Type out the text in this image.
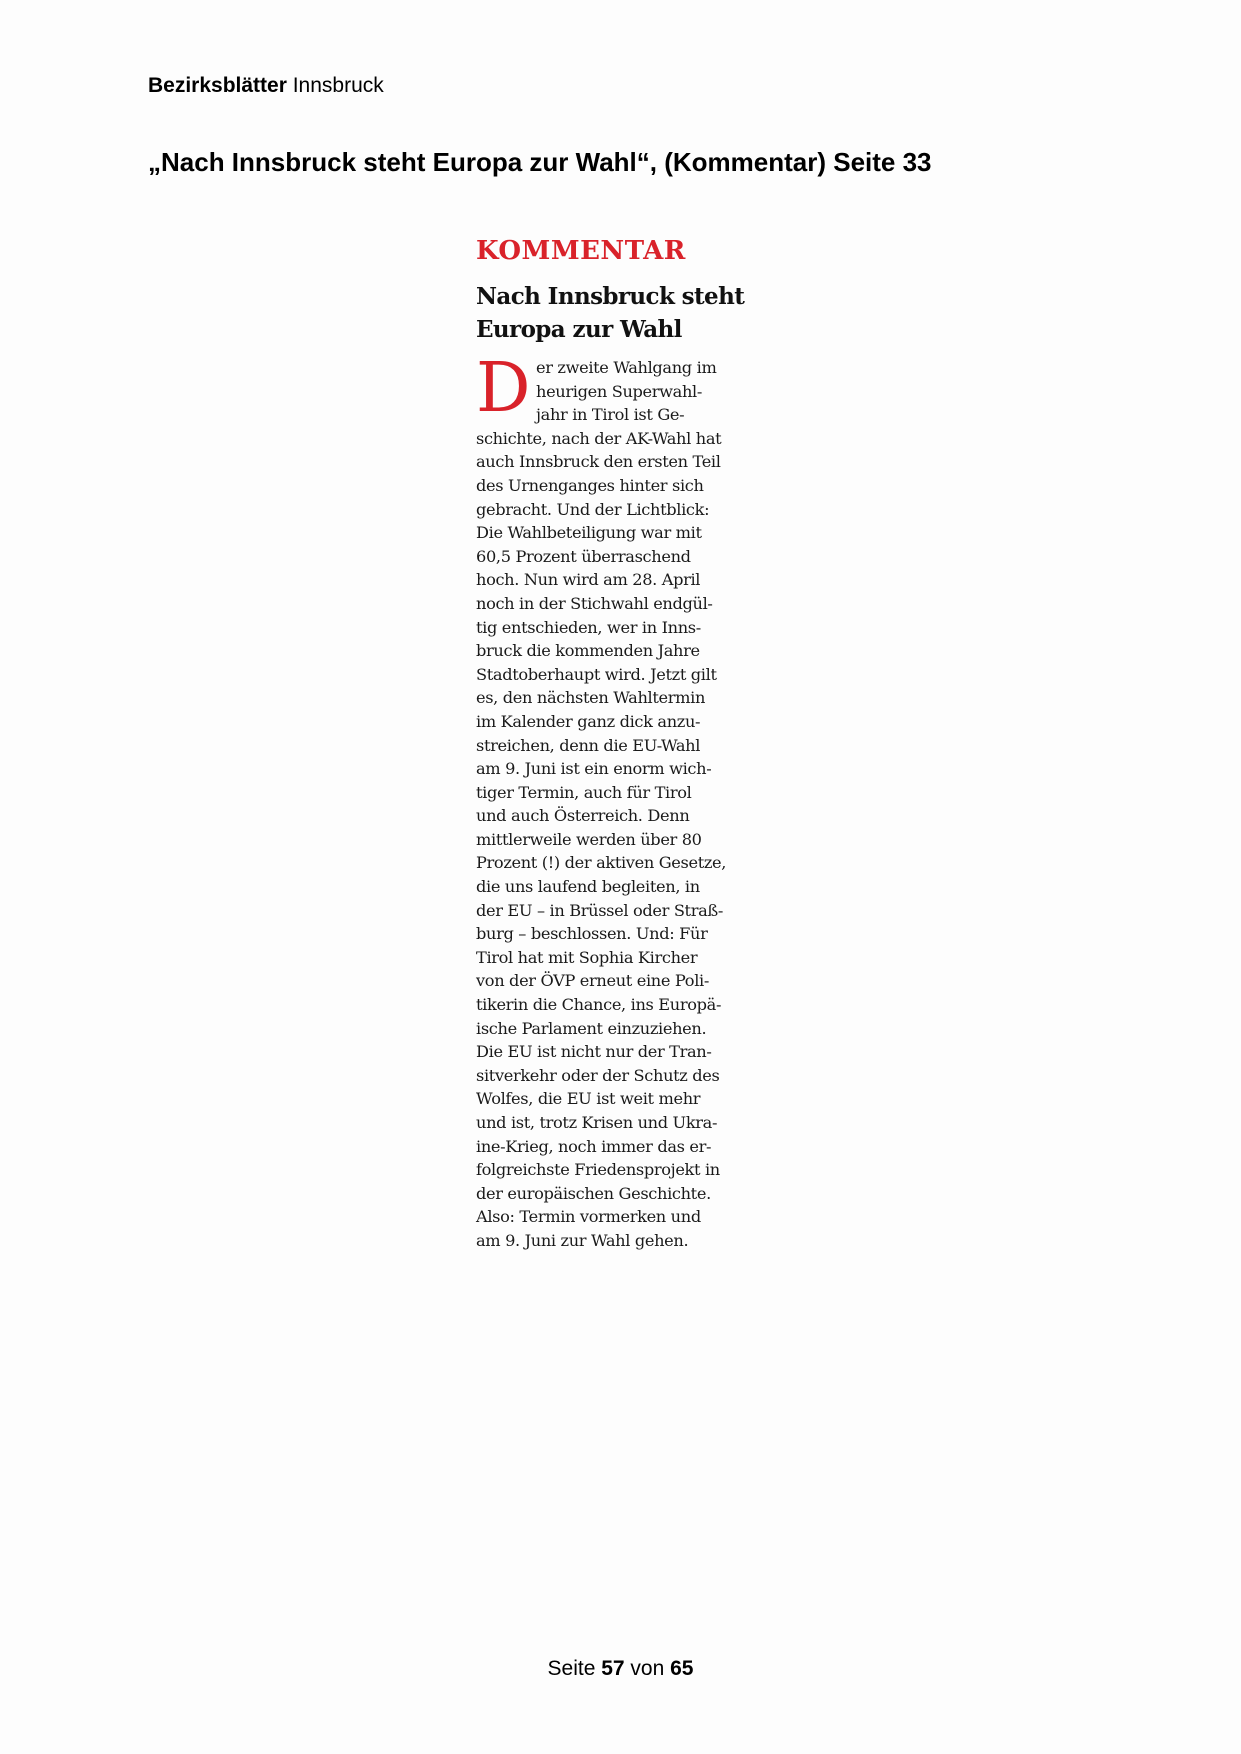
Bezirksblätter Innsbruck
„Nach Innsbruck steht Europa zur Wahl“, (Kommentar) Seite 33

KOMMENTAR

Nach Innsbruck steht
Europa zur Wahl
D er zweite Wahlgang im
heurigen Superwahl-
jahr in Tirol ist Ge-
schichte, nach der AK-Wahl hat
auch Innsbruck den ersten Teil
des Urnenganges hinter sich
gebracht. Und der Lichtblick:
Die Wahlbeteiligung war mit
60,5 Prozent überraschend
hoch. Nun wird am 28. April
noch in der Stichwahl endgül-
tig entschieden, wer in Inns-
bruck die kommenden Jahre
Stadtoberhaupt wird. Jetzt gilt
es, den nächsten Wahltermin
im Kalender ganz dick anzu-
streichen, denn die EU-Wahl
am 9. Juni ist ein enorm wich-
tiger Termin, auch für Tirol
und auch Österreich. Denn
mittlerweile werden über 80
Prozent (!) der aktiven Gesetze,
die uns laufend begleiten, in
der EU – in Brüssel oder Straß-
burg – beschlossen. Und: Für
Tirol hat mit Sophia Kircher
von der ÖVP erneut eine Poli-
tikerin die Chance, ins Europä-
ische Parlament einzuziehen.
Die EU ist nicht nur der Tran-
sitverkehr oder der Schutz des
Wolfes, die EU ist weit mehr
und ist, trotz Krisen und Ukra-
ine-Krieg, noch immer das er-
folgreichste Friedensprojekt in
der europäischen Geschichte.
Also: Termin vormerken und
am 9. Juni zur Wahl gehen.
Seite 57 von 65
